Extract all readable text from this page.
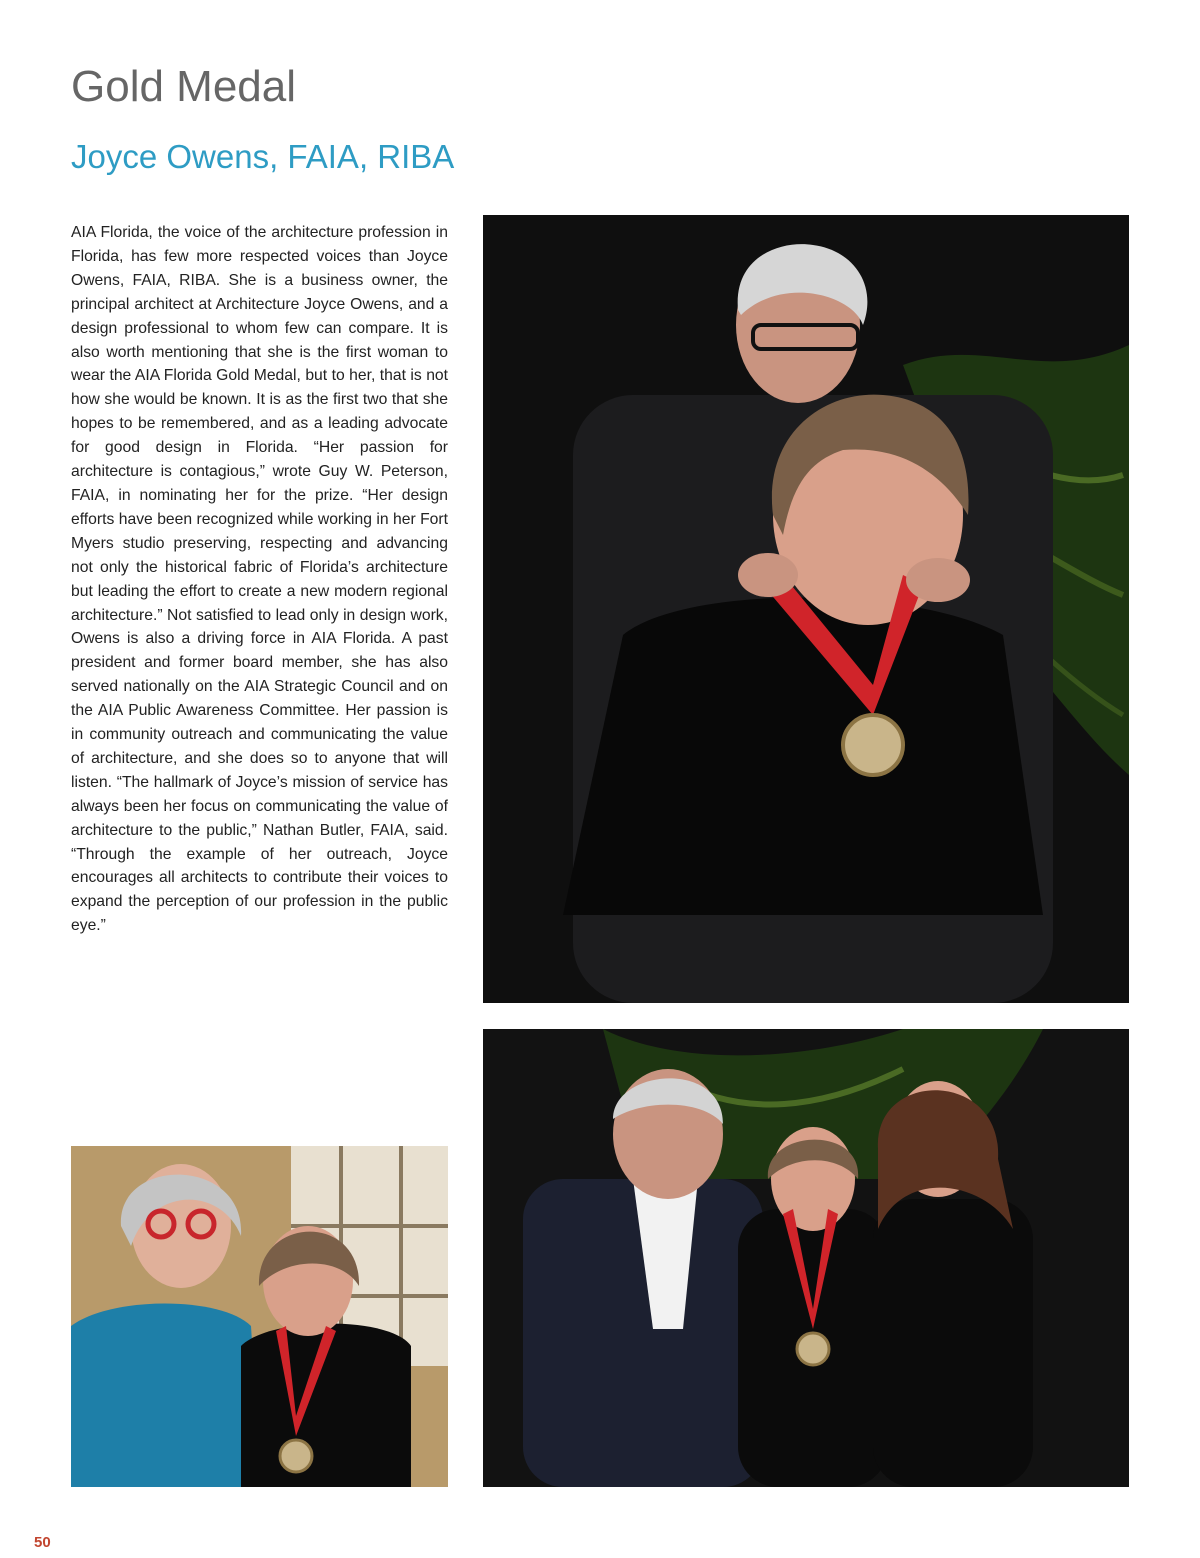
Gold Medal
Joyce Owens, FAIA, RIBA

AIA Florida, the voice of the architecture profession in Florida, has few more respected voices than Joyce Owens, FAIA, RIBA. She is a business owner, the principal architect at Architecture Joyce Owens, and a design professional to whom few can compare. It is also worth mentioning that she is the first woman to wear the AIA Florida Gold Medal, but to her, that is not how she would be known. It is as the first two that she hopes to be remembered, and as a leading advocate for good design in Florida. “Her passion for architecture is contagious,” wrote Guy W. Peterson, FAIA, in nominating her for the prize. “Her design efforts have been recognized while working in her Fort Myers studio preserving, respecting and advancing not only the historical fabric of Florida’s architecture but leading the effort to create a new modern regional architecture.” Not satisfied to lead only in design work, Owens is also a driving force in AIA Florida. A past president and former board member, she has also served nationally on the AIA Strategic Council and on the AIA Public Awareness Committee. Her passion is in community outreach and communicating the value of architecture, and she does so to anyone that will listen. “The hallmark of Joyce’s mission of service has always been her focus on communicating the value of architecture to the public,” Nathan Butler, FAIA, said. “Through the example of her outreach, Joyce encourages all architects to contribute their voices to expand the perception of our profession in the public eye.”

50
